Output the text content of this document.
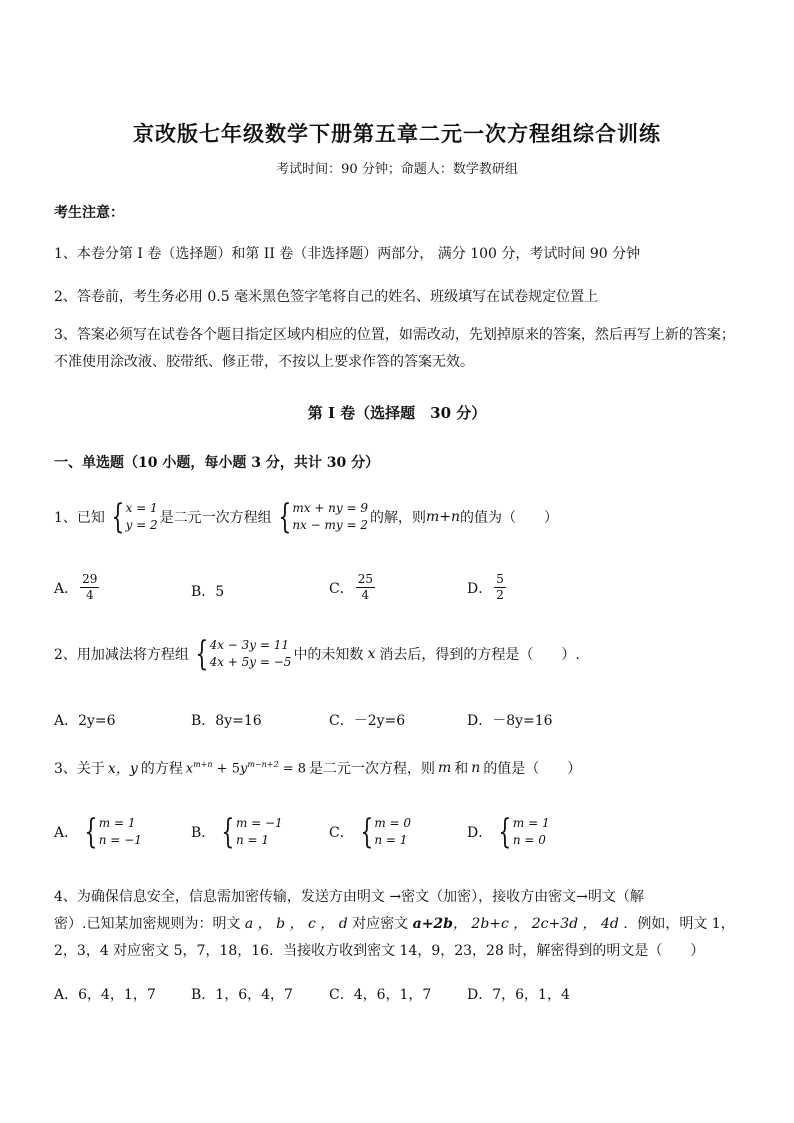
京改版七年级数学下册第五章二元一次方程组综合训练
考试时间：90 分钟；命题人：数学教研组
考生注意：
1、本卷分第 I 卷（选择题）和第 II 卷（非选择题）两部分， 满分 100 分，考试时间 90 分钟
2、答卷前，考生务必用 0.5 毫米黑色签字笔将自己的姓名、班级填写在试卷规定位置上
3、答案必须写在试卷各个题目指定区域内相应的位置，如需改动，先划掉原来的答案，然后再写上新的答案；不准使用涂改液、胶带纸、修正带，不按以上要求作答的答案无效。
第 I 卷（选择题　30 分）
一、单选题（10 小题，每小题 3 分，共计 30 分）
1、已知 { x = 1
y = 2 是二元一次方程组 { mx + ny = 9
nx − my = 2 的解，则 m+n 的值为（　　）
A． $\frac{29}{4}$	B．5	C． $\frac{25}{4}$	D． $\frac{5}{2}$
2、用加减法将方程组 { 4x − 3y = 11
4x + 5y = −5 中的未知数 x 消去后，得到的方程是（　　）.
A．2y=6	B．8y=16	C．－2y=6	D．－8y=16
3、关于 x，y 的方程 $x^{m+n} + 5y^{m-n+2} = 8$ 是二元一次方程，则 m 和 n 的值是（　　）
A． { m = 1
n = −1	B． { m = −1
n = 1	C． { m = 0
n = 1	D． { m = 1
n = 0
4、为确保信息安全，信息需加密传输，发送方由明文 →密文（加密），接收方由密文→明文（解
密）.已知某加密规则为：明文 a ， b ， c ， d 对应密文 a+2b， 2b+c ， 2c+3d ， 4d ．例如，明文 1，
2，3，4 对应密文 5，7，18，16．当接收方收到密文 14，9，23，28 时，解密得到的明文是（　　）
A．6，4，1，7	B．1，6，4，7	C．4，6，1，7	D．7，6，1，4
